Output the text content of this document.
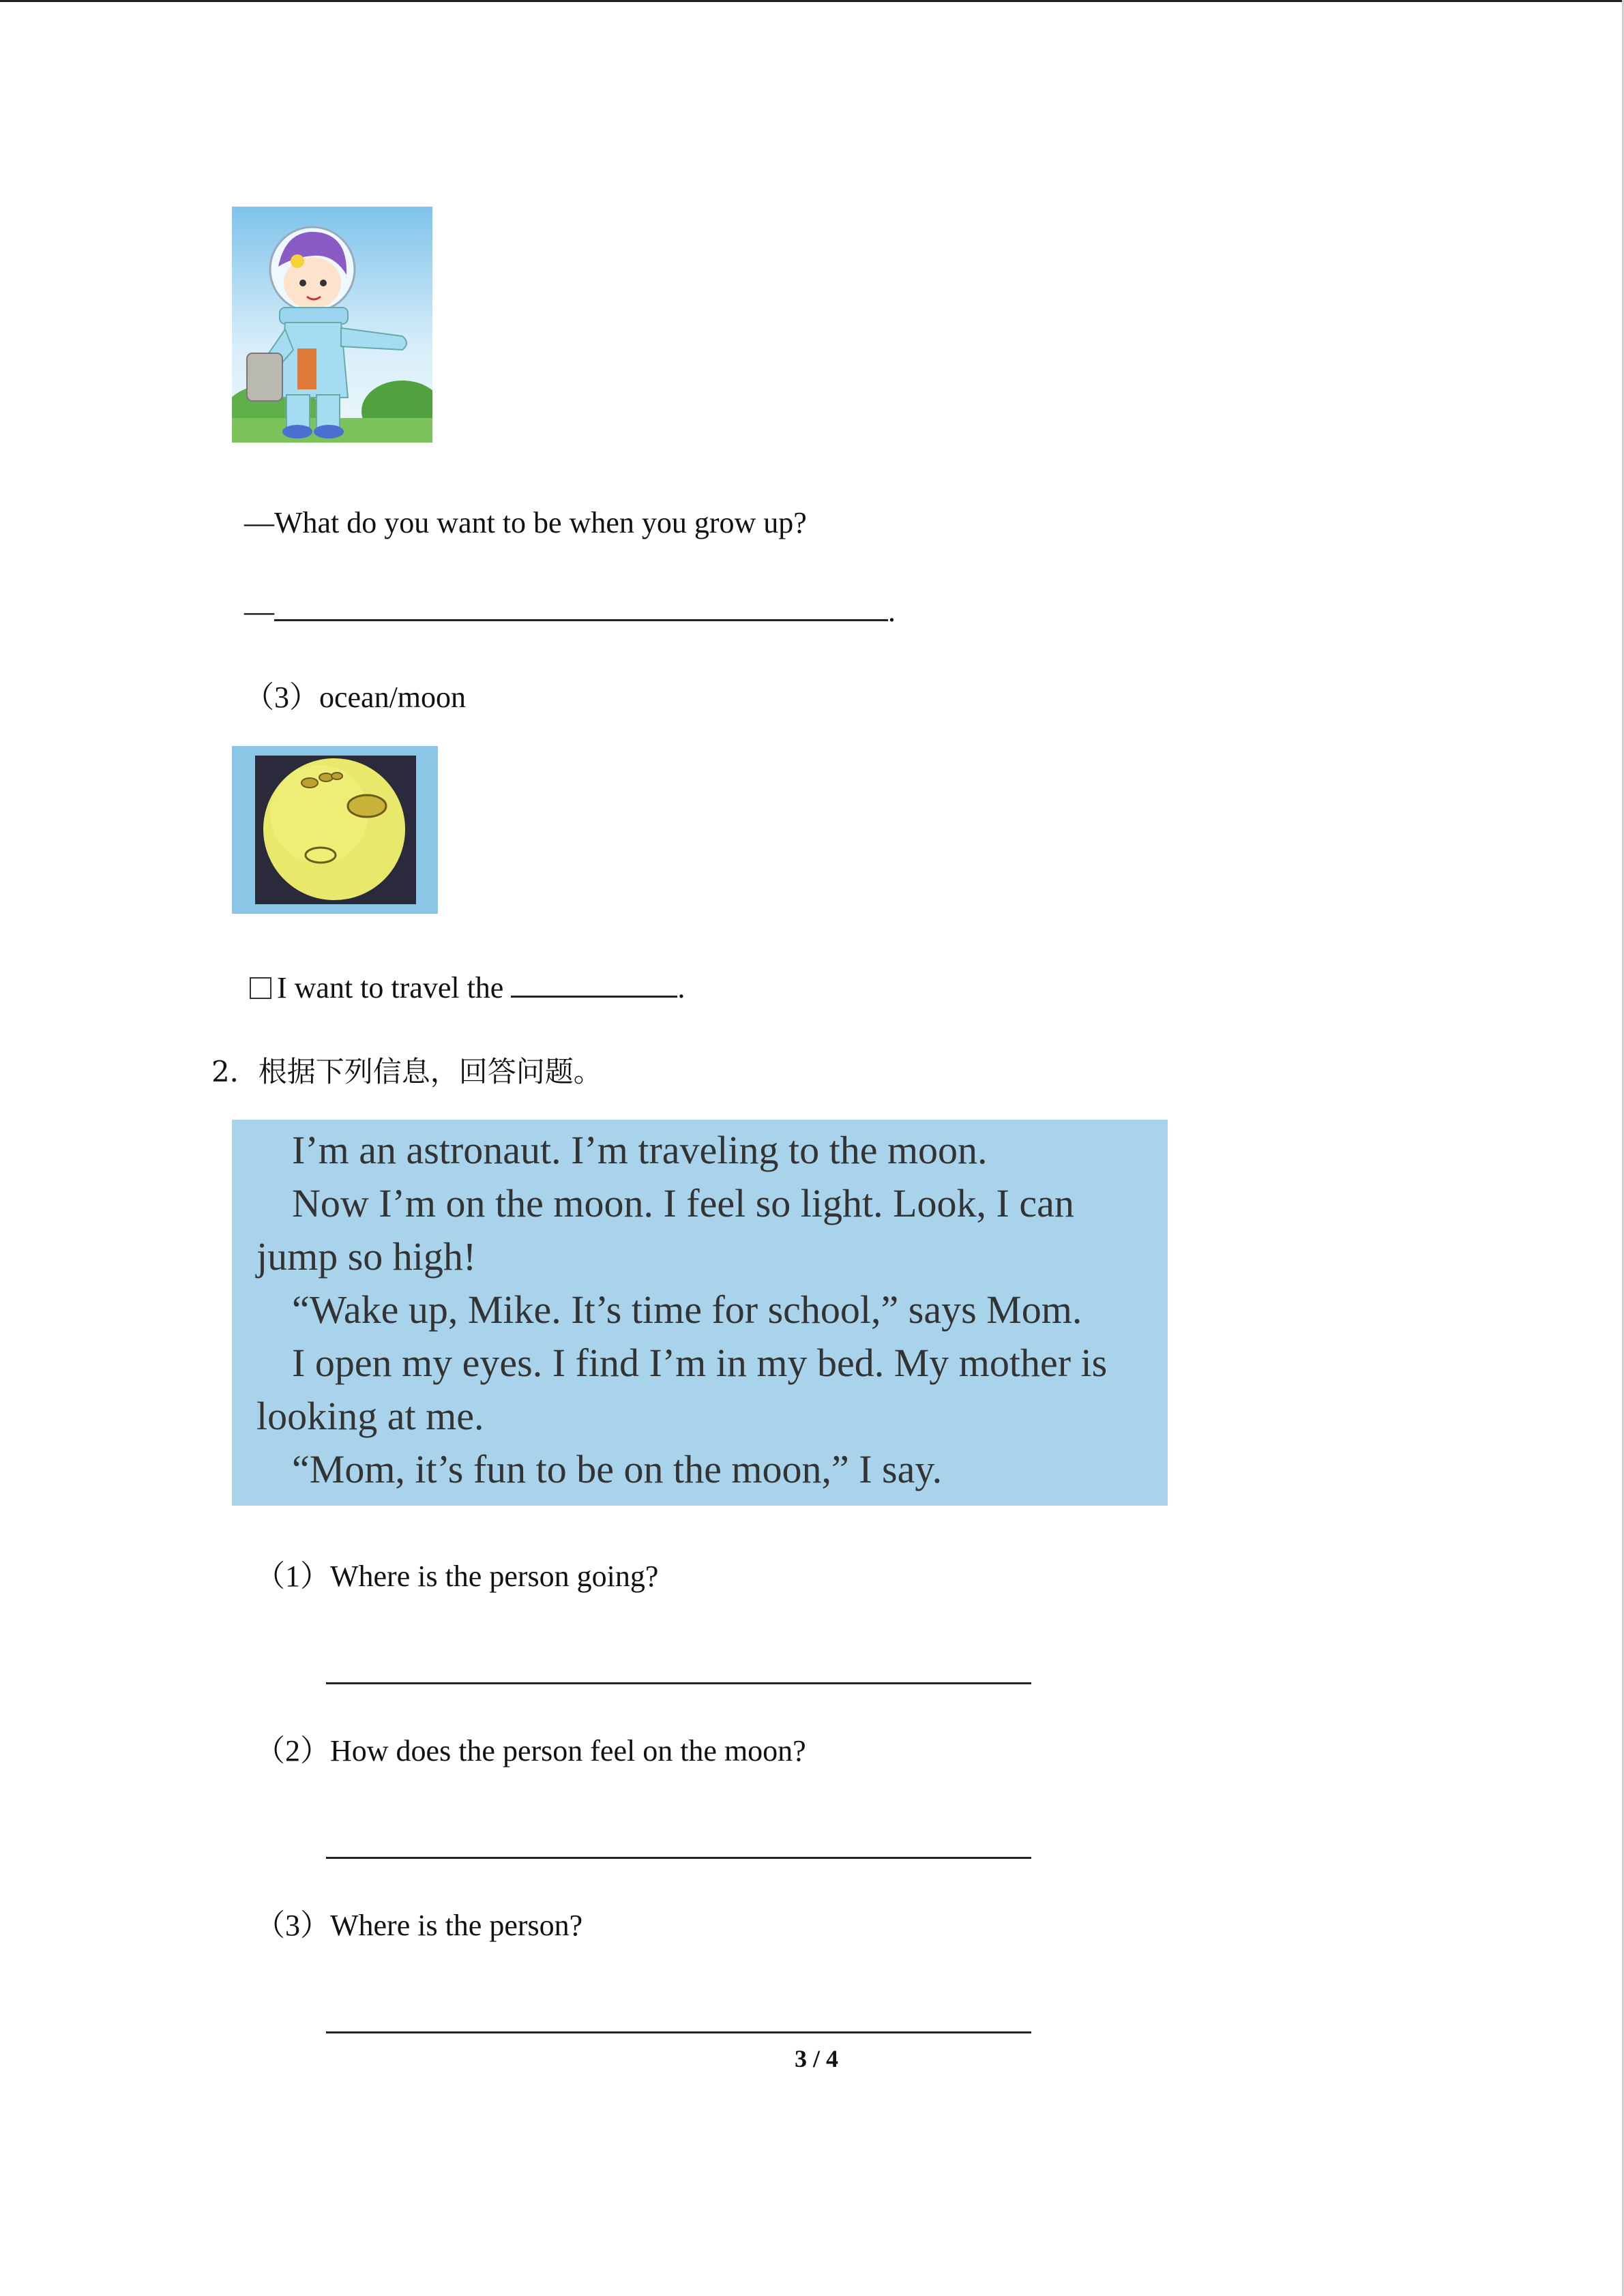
—What do you want to be when you grow up?
—	.
（3）ocean/moon
I want to travel the	.
2．根据下列信息，回答问题。
I’m an astronaut. I’m traveling to the moon.
Now I’m on the moon. I feel so light. Look, I can
jump so high!
“Wake up, Mike. It’s time for school,” says Mom.
I open my eyes. I find I’m in my bed. My mother is
looking at me.
“Mom, it’s fun to be on the moon,” I say.
（1）Where is the person going?
（2）How does the person feel on the moon?
（3）Where is the person?
3 / 4
